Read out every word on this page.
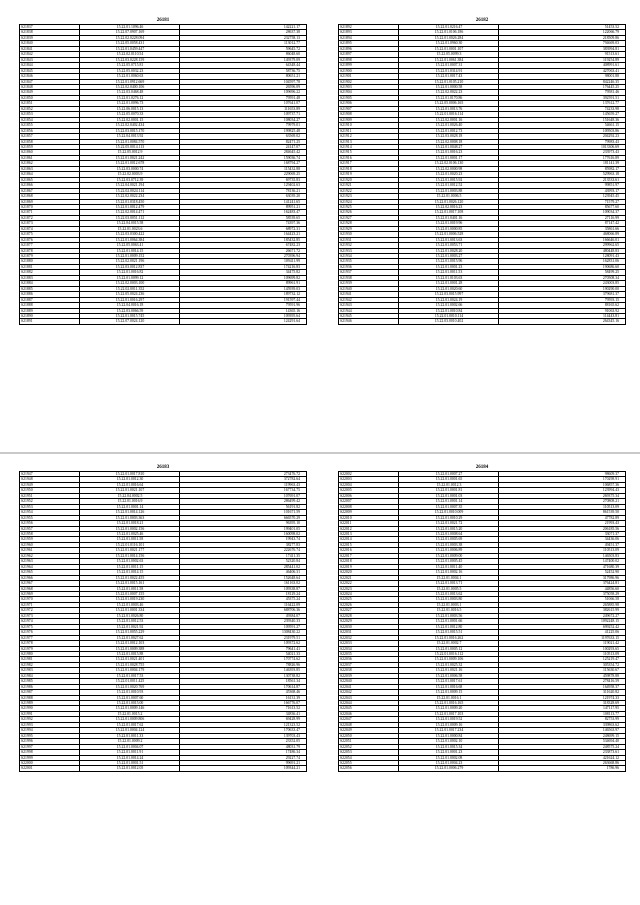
26181
S21837	15.22.01.1096.46	142221.17
S21838	15.22.07.0907.169	28637.38
S21839	15.22.02.0228.094	232758.13
S21840	15.22.05.0058.431	113012.77
S21841	15.22.01.0459.447	59645.72
S21842	15.22.02.0110.54	86048.60
S21843	15.22.03.0228.159	149379.09
S21844	15.22.05.0715.81	64348.44
S21845	15.22.05.0032.23	58736.75
S21846	15.22.01.0060.63	80651.21
S21847	15.22.01.0912.669	104597.78
S21848	15.22.02.0400.106	26596.09
S21849	15.22.03.0468.48	109696.22
S21850	15.22.01.0276.12	79591.48
S21851	15.22.01.0096.73	107641.07
S21852	15.22.06.0015.13	111653.89
S21853	15.22.05.0070.33	109737.71
S21854	15.22.02.0001.15	108034.27
S21855	15.22.02.0402.434	79979.01
S21856	15.22.03.0015.170	199825.48
S21857	15.22.04.0013.92	63569.02
S21858	15.22.01.0084.570	82471.25
S21859	15.22.05.0014.113	24147.07
S21860	15.22.05.0012.9	284645.42
S21861	15.22.01.0021.242	159036.74
S21862	15.22.01.0012.678	168794.27
S21863	15.22.03.0000.74	115432.88
S21864	15.22.02.0003.9	229069.25
S21865	15.22.03.0712.39	69735.83
S21866	15.22.04.0021.194	129402.63
S21867	15.22.02.0024.114	78136.21
S21868	15.22.02.0022.234	63039.20
S21869	15.22.01.0318.450	141241.65
S21870	15.22.01.0012.479	89951.21
S21871	15.22.02.0014.471	162483.47
S21872	15.22.03.0051.112	58539.65
S21873	15.22.04.0015.58	74397.36
S21874	15.22.01.0023.6	68972.31
S21875	15.22.03.0300.422	164423.21
S21876	15.22.01.0064.384	185432.85
S21877	15.22.05.0063.41	67482.23
S21878	15.22.01.0014.15	26671.72
S21879	15.22.01.0009.152	270396.94
S21880	15.22.02.0021.196	109411.99
S21881	15.22.03.0012.837	174216.83
S21882	15.22.01.0016.82	34475.82
S21883	15.22.01.0099.12	109699.82
S21884	15.22.02.0003.100	89961.91
S21885	15.22.02.0011.352	145939.03
S21886	15.22.05.0024.236	189732.12
S21887	15.22.01.0016.297	191597.44
S21888	15.22.04.0016.18	79591.96
S21889	15.22.03.0066.59	14365.16
S21890	15.22.01.0015.745	109395.64
S21891	15.22.07.0024.120	124291.64
26182
S21892	15.22.01.0216.47	51453.52
S21893	15.22.01.0106.186	122066.79
S21894	15.22.01.0026.284	218509.86
S21895	15.22.01.0960.30	794669.03
S21896	15.22.01.0001.107	383994.81
S21897	15.22.05.0099.3	91513.61
S21898	15.22.01.0061.384	119254.89
S21899	15.22.01.0007.31	408991.61
S21900	15.22.01.0314.91	427063.41
S21901	15.22.01.0017.43	98001.88
S21902	15.22.01.0105.210	842246.35
S21903	15.22.01.0000.58	176445.25
S21904	15.22.02.0022.23	79581.46
S21905	15.22.01.0170.86	392591.51
S21906	15.22.05.0006.165	137612.77
S21907	15.22.01.0013.76	74233.98
S21908	15.22.01.0016.114	145659.27
S21909	15.22.02.0001.16	151648.36
S21910	15.22.01.0026.40	54661.15
S21911	15.22.01.0012.73	109503.86
S21912	15.22.03.0028.18	204292.23
S21913	15.22.02.0008.18	79983.43
S21914	15.22.01.0048.27	1013306.69
S21915	15.22.01.0016.23	233973.43
S21916	15.22.01.0001.17	177616.89
S21917	15.22.02.0106.130	181141.39
S21918	15.22.02.0000.98	85982.17
S21919	15.22.01.0020.23	529963.18
S21920	15.22.01.0015.92	213533.61
S21921	15.22.01.0012.52	99851.97
S21922	15.22.01.0003.88	43993.17
S21923	15.22.01.0006.5	123945.45
S21924	15.22.01.0026.120	71579.27
S21925	15.22.02.0016.23	85677.60
S21926	15.22.01.0017.108	109034.37
S21927	15.22.01.0401.16	27116.99
S21928	15.22.01.0019.96	87147.42
S21929	15.22.01.0000.85	35861.66
S21930	15.22.01.0006.528	468066.89
S21931	15.22.01.0013.63	166646.01
S21932	15.22.01.0053.71	299962.65
S21933	15.22.01.0028.20	480448.83
S21934	15.22.01.0003.27	128091.43
S21935	15.22.01.0015.96	162831.06
S21936	15.22.01.0001.23	190686.60
S21937	15.22.01.0011.53	58499.25
S21938	15.22.01.0103.63	270508.34
S21939	15.22.01.0001.28	243003.85
S21940	15.22.01.0020.60	190290.00
S21941	15.22.03.0015.997	379681.37
S21942	15.22.01.0024.19	79593.15
S21943	15.22.01.0002.66	88165.62
S21944	15.22.01.0010.84	91063.92
S21945	15.22.01.0010.114	114443.81
S21946	15.22.03.0010.402	264345.16
26183
S21947	15.22.01.0017.810	273476.72
S21948	15.22.01.0012.30	372782.64
S21949	15.22.01.0016.64	119963.43
S21950	15.22.01.0021.107	167734.75
S21951	15.22.04.0002.5	107691.07
S21952	15.22.01.0016.9	286499.42
S21953	15.22.01.0001.14	56191.82
S21954	15.22.01.0014.126	101671.59
S21955	15.22.01.0003.363	666570.29
S21956	15.22.01.0018.21	96395.10
S21957	15.22.01.0002.156	199401.05
S21958	15.22.01.0025.46	160098.02
S21959	15.22.01.0011.58	19943.74
S21960	15.22.01.0116.101	38277.83
S21961	15.22.01.0021.177	222676.74
S21962	15.22.01.0014.156	17411.35
S21963	15.22.01.0002.63	52320.84
S21964	15.22.01.0011.15	285441.02
S21965	15.22.01.0014.15	46406.31
S21966	15.22.01.0022.455	152648.64
S21967	15.22.01.0015.161	161163.02
S21968	15.22.01.0011.58	109338.87
S21969	15.22.01.0007.155	18129.24
S21970	15.22.01.0019.230	45375.24
S21971	15.22.01.0003.46	116422.09
S21972	15.22.01.0001.334	688706.36
S21973	15.22.01.0026.80	49384.07
S21974	15.22.01.0012.53	239340.33
S21975	15.22.01.0021.92	109591.27
S21976	15.22.01.0055.229	1308430.22
S21977	15.22.01.0027.62	231979.51
S21978	15.22.01.0012.103	109372.62
S21979	15.22.01.0009.388	79641.41
S21980	15.22.01.0015.88	54021.33
S21981	15.22.01.0021.401	170774.62
S21982	15.22.01.0028.755	78826.96
S21983	15.22.01.0004.179	146393.85
S21984	15.22.01.0017.53	130738.82
S21985	15.22.01.0011.425	18561.34
S21986	15.22.01.0020.769	170614.87
S21987	15.22.01.0010.93	45368.46
S21988	15.22.01.0007.60	16131.39
S21989	15.22.01.0015.00	166776.07
S21990	15.22.01.0009.146	71613.52
S21991	15.22.01.0015.2	34836.41
S21992	15.22.01.0009.806	69428.99
S21993	15.22.01.0017.62	121323.52
S21994	15.22.01.0004.124	170633.47
S21995	15.22.01.0011.33	139703.43
S21996	15.22.01.0009.2	23352.05
S21997	15.22.01.0004.07	48031.79
S21998	15.22.01.0011.91	17486.34
S21999	15.22.01.0014.24	29227.74
S22000	15.22.01.0001.51	99691.21
S22001	15.22.01.0012.05	109344.21
26184
S22002	15.22.01.0007.27	98609.37
S22003	15.22.01.0001.65	170298.91
S22004	15.22.01.0012.3	106857.36
S22005	15.22.01.0001.81	123994.43
S22006	15.22.01.0001.03	269375.34
S22007	15.22.01.0001.14	270808.21
S22008	15.22.01.0007.35	110513.09
S22009	15.22.01.0010.009	861539.50
S22010	15.22.01.0010.29	47782.89
S22011	15.22.01.0021.72	21993.43
S22012	15.22.01.0015.20	206185.56
S22013	15.22.01.0008.64	33071.37
S22014	15.22.01.0005.69	34436.06
S22015	15.22.01.0003.38	49451.37
S22016	15.22.01.0006.89	110513.09
S22017	15.22.01.0009.00	146503.83
S22018	15.22.01.0005.45	147400.02
S22019	15.22.01.0011.40	471680.39
S22020	15.22.01.0002.16	52452.90
S22021	15.22.01.0004.1	317986.96
S22022	15.22.01.0013.71	376424.81
S22023	15.22.01.0005.5	44856.60
S22024	15.22.01.0013.62	375058.29
S22025	15.22.01.0003.80	51066.58
S22026	15.22.01.0003.1	265885.98
S22027	15.22.01.0016.5	382615.99
S22028	15.22.01.0003.56	249672.27
S22029	15.22.01.0001.66	1092248.15
S22030	15.22.01.0012.80	699252.42
S22031	15.22.01.0015.51	41225.06
S22032	15.22.01.0016.262	1197633.15
S22033	15.22.01.0002.7	119021.42
S22034	15.22.01.0005.12	100293.65
S22035	15.22.01.0016.112	110513.09
S22036	15.22.01.0009.106	125219.47
S22037	15.22.01.0025.32	305354.72
S22038	15.22.01.0021.16	115630.67
S22039	15.22.01.0006.58	459878.88
S22040	15.22.01.0017.61	278416.59
S22041	15.22.01.0016.68	164958.37
S22042	15.22.01.0009.15	311620.82
S22043	15.22.01.0016.1	121974.33
S22044	15.22.01.0016.165	318328.69
S22045	15.22.01.0009.20	147117.95
S22046	15.22.01.0017.103	108113.77
S22047	15.22.01.0019.52	82753.99
S22048	15.22.01.0009.16	339863.62
S22049	15.22.01.0017.234	146563.97
S22050	15.22.01.0000.84	248699.15
S22051	15.22.01.0002.10	534694.40
S22052	15.22.01.0015.34	248575.24
S22053	15.22.01.0001.23	233873.61
S22054	15.22.01.0002.08	421624.12
S22055	15.22.01.0004.23	263668.86
S22056	15.22.01.0006.279	1786.96
